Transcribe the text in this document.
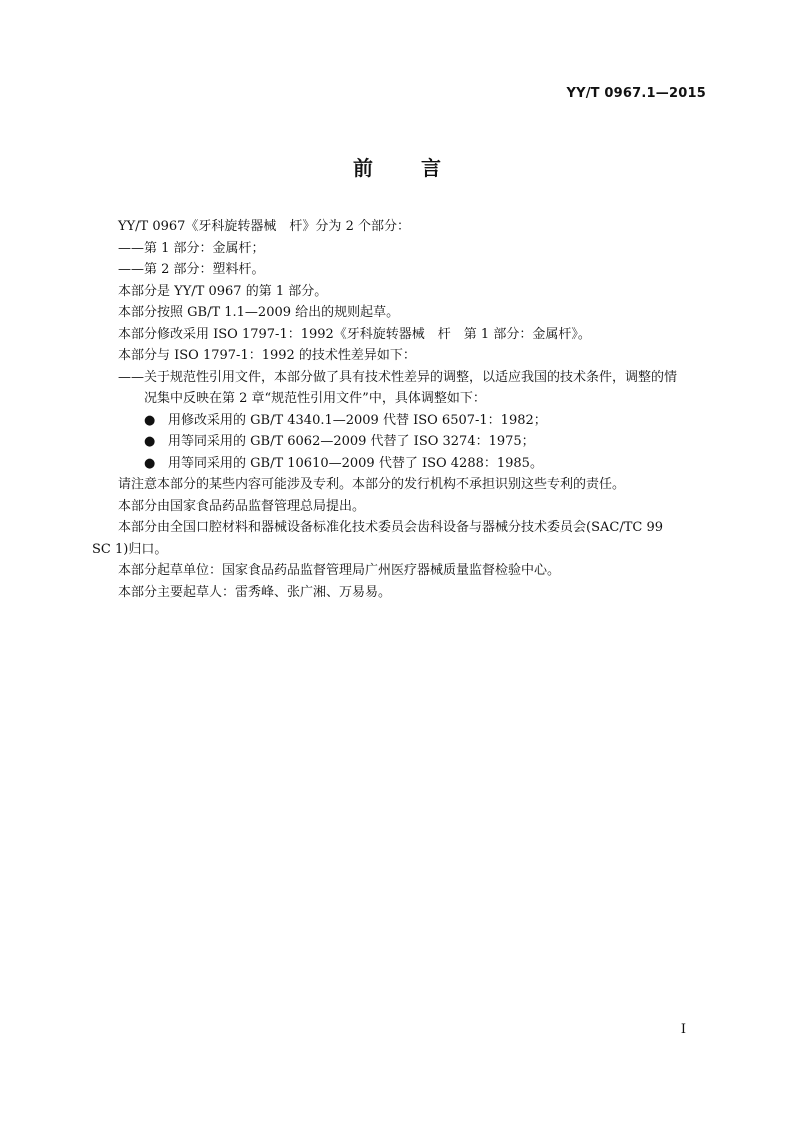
YY/T 0967.1—2015
前言

YY/T 0967《牙科旋转器械　杆》分为 2 个部分：

——第 1 部分：金属杆；

——第 2 部分：塑料杆。

本部分是 YY/T 0967 的第 1 部分。

本部分按照 GB/T 1.1—2009 给出的规则起草。

本部分修改采用 ISO 1797-1：1992《牙科旋转器械　杆　第 1 部分：金属杆》。

本部分与 ISO 1797-1：1992 的技术性差异如下：

——关于规范性引用文件，本部分做了具有技术性差异的调整，以适应我国的技术条件，调整的情
况集中反映在第 2 章“规范性引用文件”中，具体调整如下：
● 用修改采用的 GB/T 4340.1—2009 代替 ISO 6507-1：1982；
● 用等同采用的 GB/T 6062—2009 代替了 ISO 3274：1975；
● 用等同采用的 GB/T 10610—2009 代替了 ISO 4288：1985。

请注意本部分的某些内容可能涉及专利。本部分的发行机构不承担识别这些专利的责任。

本部分由国家食品药品监督管理总局提出。

本部分由全国口腔材料和器械设备标准化技术委员会齿科设备与器械分技术委员会(SAC/TC 99
SC 1)归口。

本部分起草单位：国家食品药品监督管理局广州医疗器械质量监督检验中心。

本部分主要起草人：雷秀峰、张广湘、万易易。

I
